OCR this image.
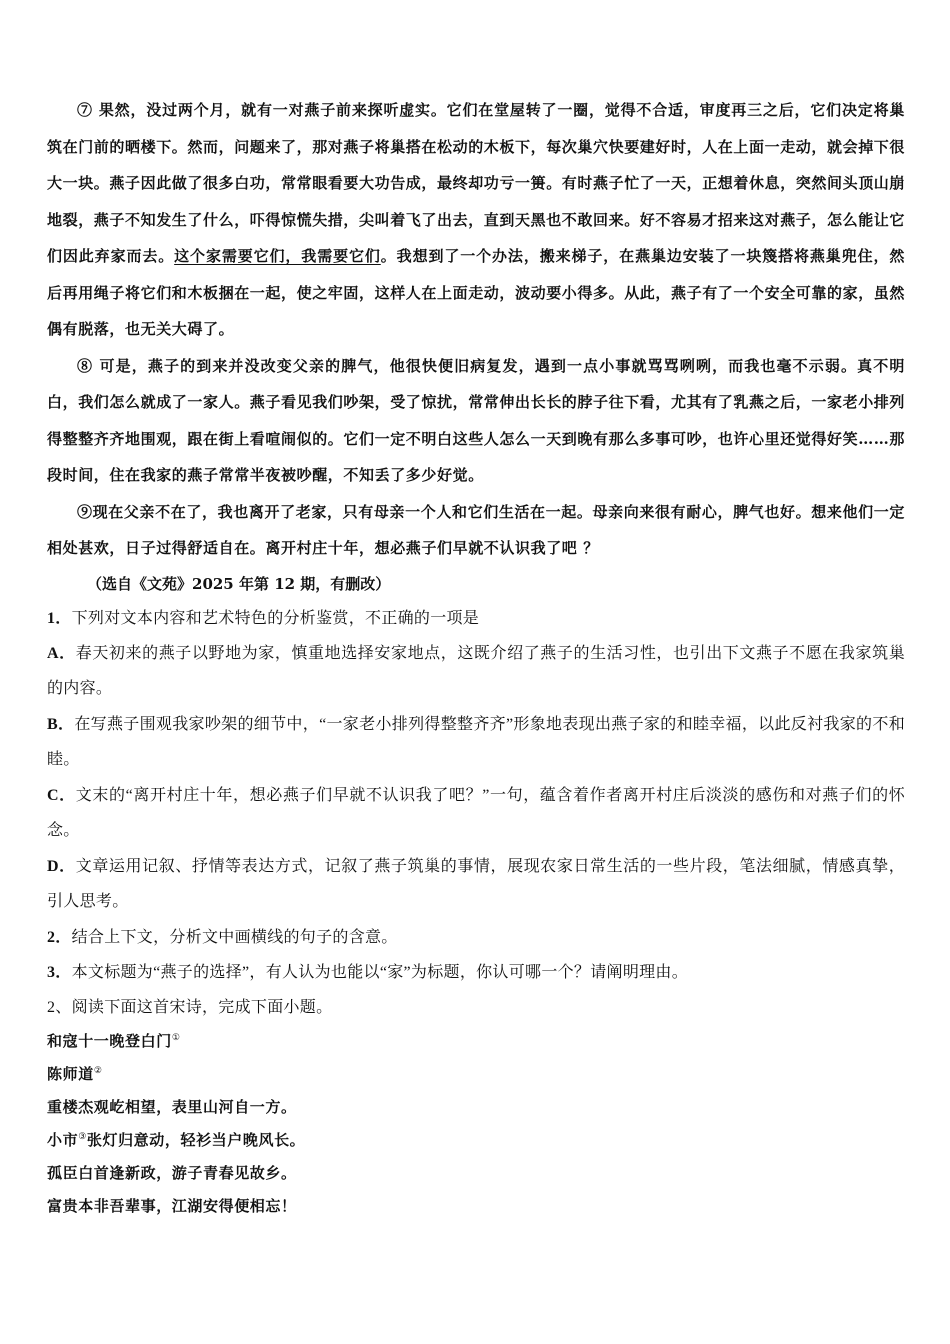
⑦ 果然，没过两个月，就有一对燕子前来探听虚实。它们在堂屋转了一圈，觉得不合适，审度再三之后，它们决定将巢筑在门前的晒楼下。然而，问题来了，那对燕子将巢搭在松动的木板下，每次巢穴快要建好时，人在上面一走动，就会掉下很大一块。燕子因此做了很多白功，常常眼看要大功告成，最终却功亏一篑。有时燕子忙了一天，正想着休息，突然间头顶山崩地裂，燕子不知发生了什么，吓得惊慌失措，尖叫着飞了出去，直到天黑也不敢回来。好不容易才招来这对燕子，怎么能让它们因此弃家而去。这个家需要它们，我需要它们。我想到了一个办法，搬来梯子，在燕巢边安装了一块篾搭将燕巢兜住，然后再用绳子将它们和木板捆在一起，使之牢固，这样人在上面走动，波动要小得多。从此，燕子有了一个安全可靠的家，虽然偶有脱落，也无关大碍了。

⑧ 可是，燕子的到来并没改变父亲的脾气，他很快便旧病复发，遇到一点小事就骂骂咧咧，而我也毫不示弱。真不明白，我们怎么就成了一家人。燕子看见我们吵架，受了惊扰，常常伸出长长的脖子往下看，尤其有了乳燕之后，一家老小排列得整整齐齐地围观，跟在街上看喧闹似的。它们一定不明白这些人怎么一天到晚有那么多事可吵，也许心里还觉得好笑……那段时间，住在我家的燕子常常半夜被吵醒，不知丢了多少好觉。

⑨现在父亲不在了，我也离开了老家，只有母亲一个人和它们生活在一起。母亲向来很有耐心，脾气也好。想来他们一定相处甚欢，日子过得舒适自在。离开村庄十年，想必燕子们早就不认识我了吧 ？

（选自《文苑》2025 年第 12 期，有删改）

1．下列对文本内容和艺术特色的分析鉴赏，不正确的一项是

A．春天初来的燕子以野地为家，慎重地选择安家地点，这既介绍了燕子的生活习性，也引出下文燕子不愿在我家筑巢的内容。

B．在写燕子围观我家吵架的细节中，“一家老小排列得整整齐齐”形象地表现出燕子家的和睦幸福，以此反衬我家的不和睦。

C．文末的“离开村庄十年，想必燕子们早就不认识我了吧？”一句，蕴含着作者离开村庄后淡淡的感伤和对燕子们的怀念。

D．文章运用记叙、抒情等表达方式，记叙了燕子筑巢的事情，展现农家日常生活的一些片段，笔法细腻，情感真挚，引人思考。

2．结合上下文，分析文中画横线的句子的含意。

3．本文标题为“燕子的选择”，有人认为也能以“家”为标题，你认可哪一个？请阐明理由。

2、阅读下面这首宋诗，完成下面小题。

和寇十一晚登白门①

陈师道②

重楼杰观屹相望，表里山河自一方。

小市③张灯归意动，轻衫当户晚风长。

孤臣白首逢新政，游子青春见故乡。

富贵本非吾辈事，江湖安得便相忘！
